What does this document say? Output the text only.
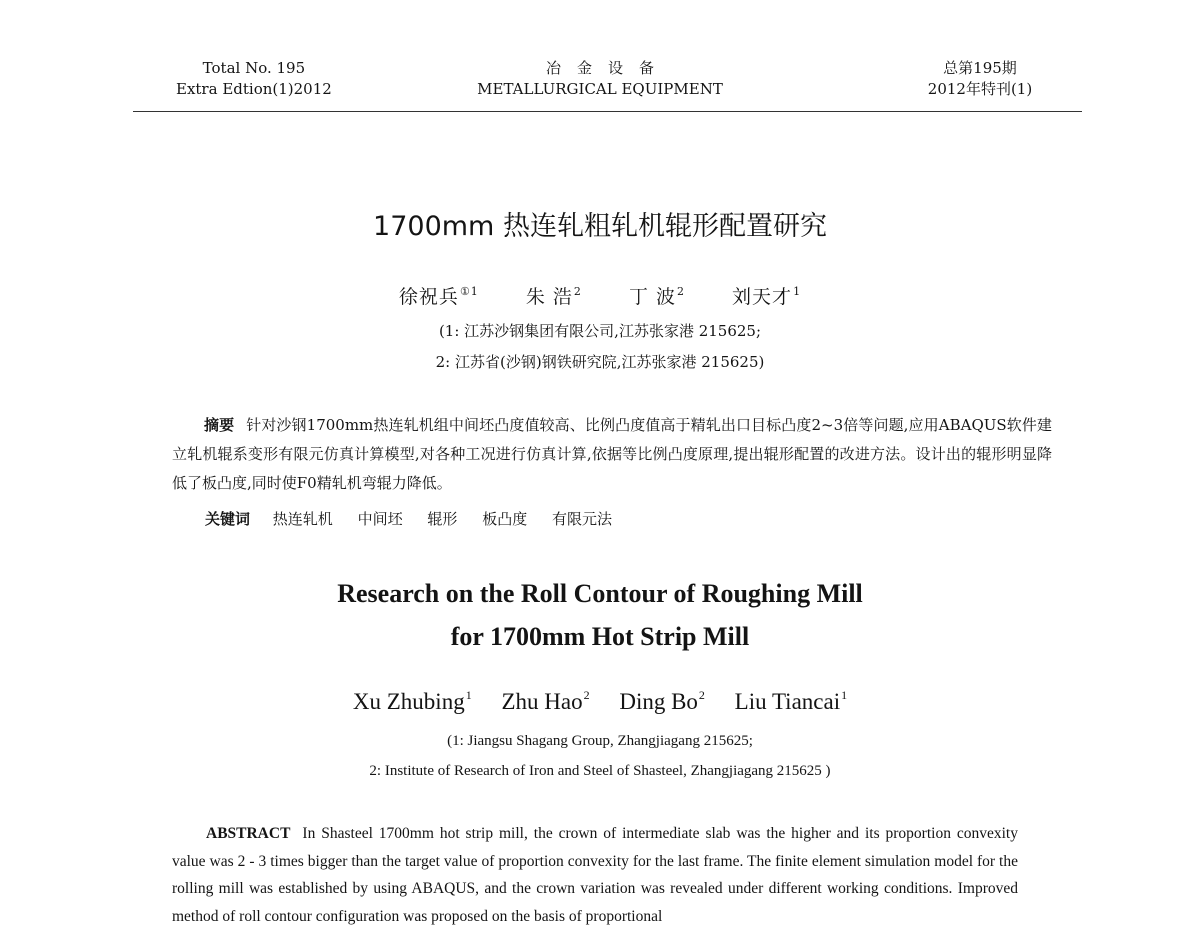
Total No. 195
Extra Edtion(1)2012
冶金设备
METALLURGICAL EQUIPMENT
总第195期
2012年特刊(1)
1700mm 热连轧粗轧机辊形配置研究
徐祝兵$^{①1}$ 朱 浩$^2$ 丁 波$^2$ 刘天才$^1$
(1: 江苏沙钢集团有限公司,江苏张家港 215625;
2: 江苏省(沙钢)钢铁研究院,江苏张家港 215625)
摘要 针对沙钢1700mm热连轧机组中间坯凸度值较高、比例凸度值高于精轧出口目标凸度2~3倍等问题,应用ABAQUS软件建立轧机辊系变形有限元仿真计算模型,对各种工况进行仿真计算,依据等比例凸度原理,提出辊形配置的改进方法。设计出的辊形明显降低了板凸度,同时使F0精轧机弯辊力降低。
关键词 热连轧机 中间坯 辊形 板凸度 有限元法
Research on the Roll Contour of Roughing Mill
for 1700mm Hot Strip Mill
Xu Zhubing$^1$ Zhu Hao$^2$ Ding Bo$^2$ Liu Tiancai$^1$
(1: Jiangsu Shagang Group, Zhangjiagang 215625;
2: Institute of Research of Iron and Steel of Shasteel, Zhangjiagang 215625 )
ABSTRACT In Shasteel 1700mm hot strip mill, the crown of intermediate slab was the higher and its proportion convexity value was 2 - 3 times bigger than the target value of proportion convexity for the last frame. The finite element simulation model for the rolling mill was established by using ABAQUS, and the crown variation was revealed under different working conditions. Improved method of roll contour configuration was proposed on the basis of proportional
